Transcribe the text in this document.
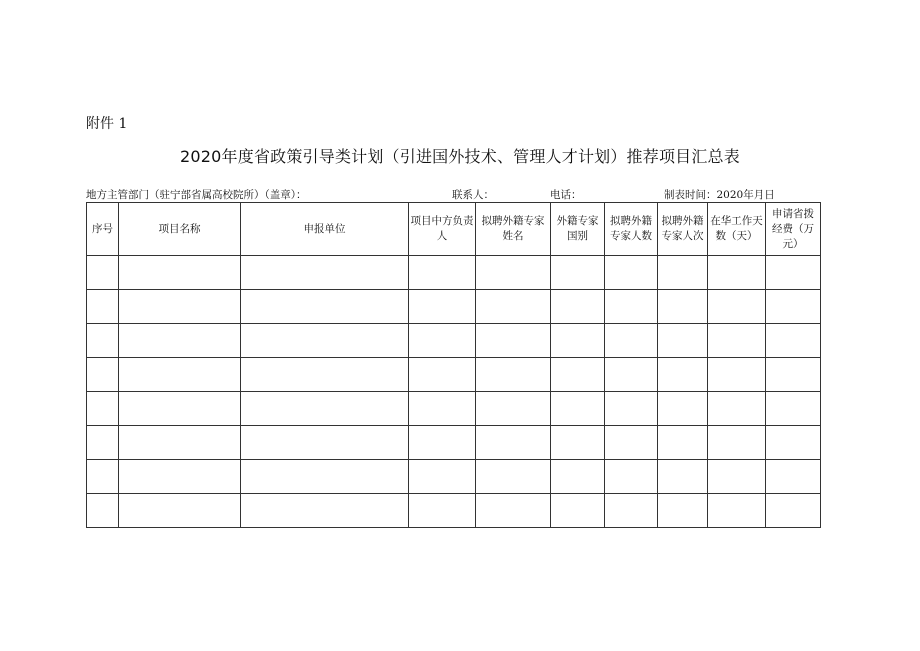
附件 1
2020年度省政策引导类计划（引进国外技术、管理人才计划）推荐项目汇总表
地方主管部门（驻宁部省属高校院所）（盖章）：	联系人：	电话：	制表时间：2020年月日
序号	项目名称	申报单位	项目中方负责人	拟聘外籍专家姓名	外籍专家国别	拟聘外籍专家人数	拟聘外籍专家人次	在华工作天数（天）	申请省拨经费（万元）
